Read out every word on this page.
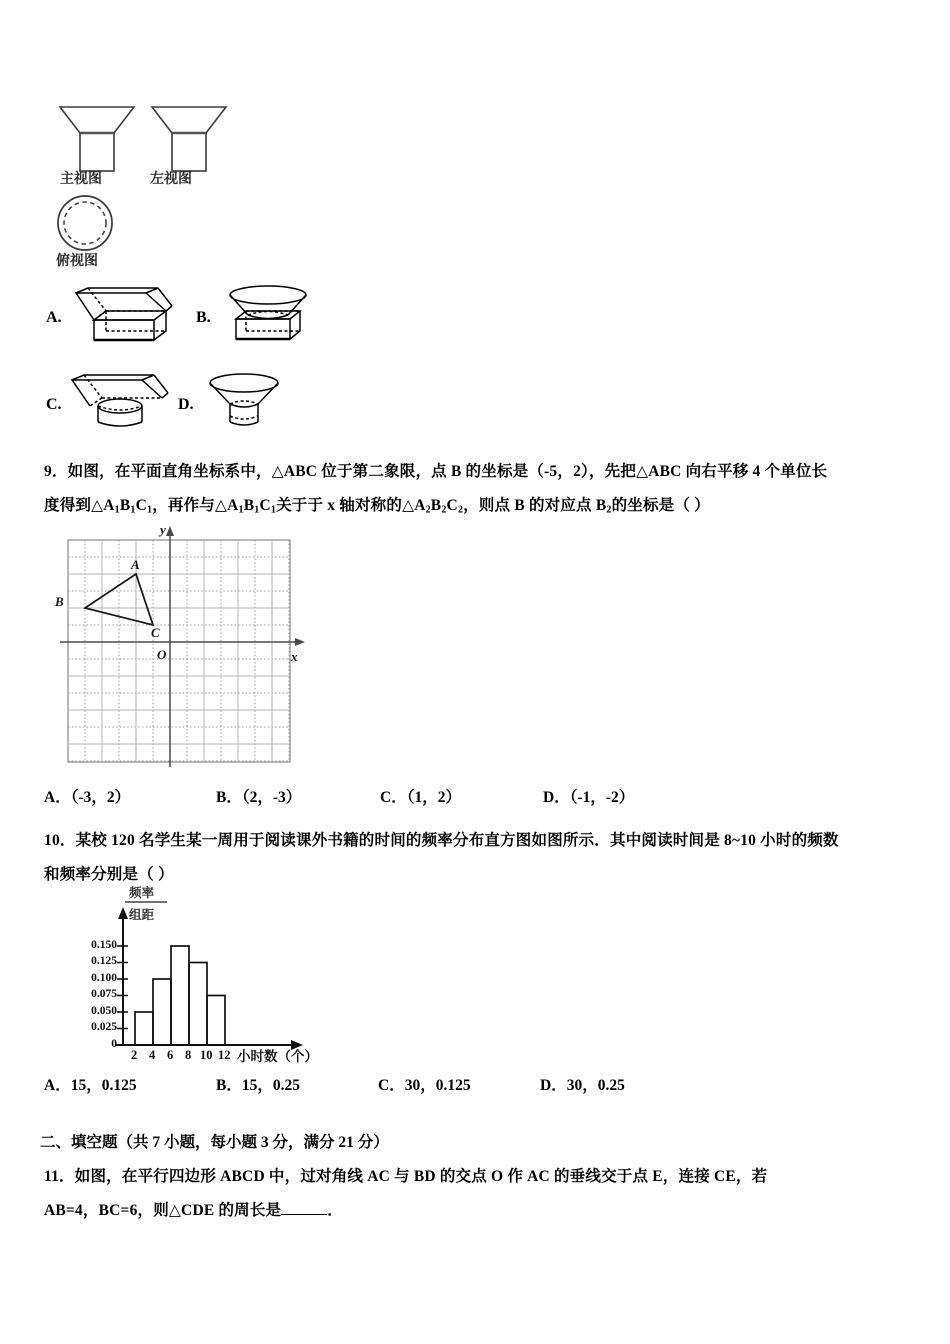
主视图	左视图
俯视图
A.	B.
C.	D.
9．如图，在平面直角坐标系中，△ABC 位于第二象限，点 B 的坐标是（-5，2），先把△ABC 向右平移 4 个单位长
度得到$\triangle A_1B_1C_1$，再作与$\triangle A_1B_1C_1$关于于 x 轴对称的$\triangle A_2B_2C_2$，则点 B 的对应点 $B_2$的坐标是（ ）
y
x
O
A
B
C
A．（-3，2）	B．（2，-3）	C．（1，2）	D．（-1，-2）
10．某校 120 名学生某一周用于阅读课外书籍的时间的频率分布直方图如图所示．其中阅读时间是 8~10 小时的频数
和频率分别是（ ）
0.150
0.125
0.100
0.075
0.050
0.025
0
2 4 6 8 10 12
频率
组距
小时数（个）
A．15，0.125	B．15，0.25	C．30，0.125	D．30，0.25
二、填空题（共 7 小题，每小题 3 分，满分 21 分）
11．如图，在平行四边形 ABCD 中，过对角线 AC 与 BD 的交点 O 作 AC 的垂线交于点 E，连接 CE，若
AB=4，BC=6，则△CDE 的周长是	．
